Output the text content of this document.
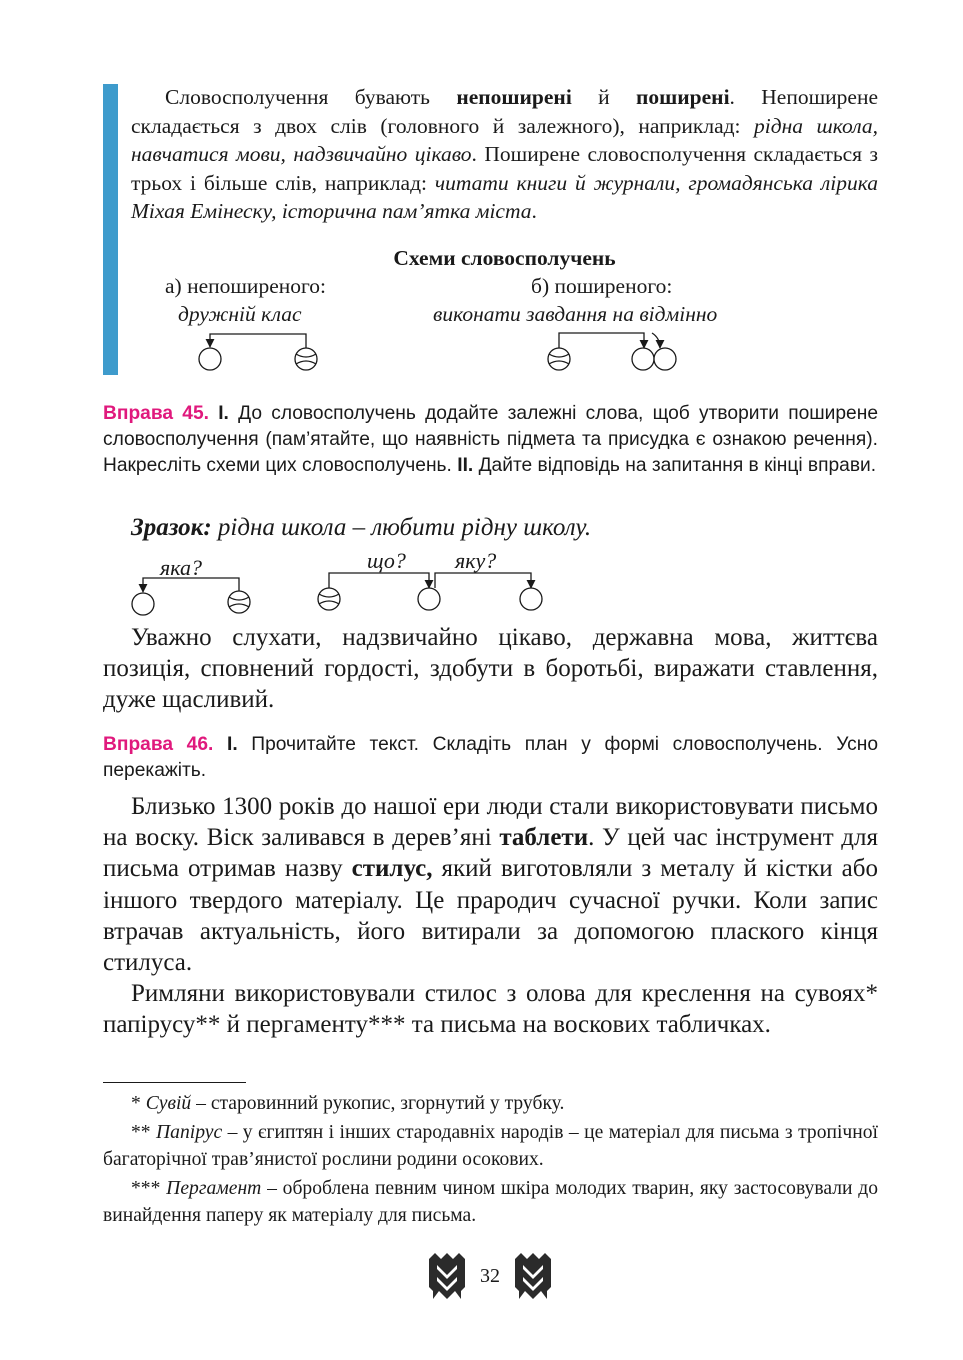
Словосполучення бувають непоширені й поширені. Непоширене складається з двох слів (головного й залежного), наприклад: рідна школа, навчатися мови, надзвичайно цікаво. Поширене словосполучення складається з трьох і більше слів, наприклад: читати книги й журнали, громадянська лірика Міхая Емінеску, історична пам’ятка міста.

Схеми словосполучень
а) непоширеного:
дружній клас
б) поширеного:
виконати завдання на відмінно
яка?	що? яку?

Вправа 45. I. До словосполучень додайте залежні слова, щоб утворити поширене словосполучення (пам’ятайте, що наявність підмета та присудка є ознакою речення). Накресліть схеми цих словосполучень. II. Дайте відповідь на запитання в кінці вправи.

Зразок: рідна школа – любити рідну школу.

Уважно слухати, надзвичайно цікаво, державна мова, життєва позиція, сповнений гордості, здобути в боротьбі, виражати ставлення, дуже щасливий.

Вправа 46. I. Прочитайте текст. Складіть план у формі словосполучень. Усно перекажіть.

Близько 1300 років до нашої ери люди стали використовувати письмо на воску. Віск заливався в дерев’яні таблети. У цей час інструмент для письма отримав назву стилус, який виготовляли з металу й кістки або іншого твердого матеріалу. Це прародич сучасної ручки. Коли запис втрачав актуальність, його витирали за допомогою плаского кінця стилуса.

Римляни використовували стилос з олова для креслення на сувоях* папірусу** й пергаменту*** та письма на воскових табличках.

* Сувій – старовинний рукопис, згорнутий у трубку.

** Папірус – у єгиптян і інших стародавніх народів – це матеріал для письма з тропічної багаторічної трав’янистої рослини родини осокових.

*** Пергамент – оброблена певним чином шкіра молодих тварин, яку застосовували до винайдення паперу як матеріалу для письма.

32
